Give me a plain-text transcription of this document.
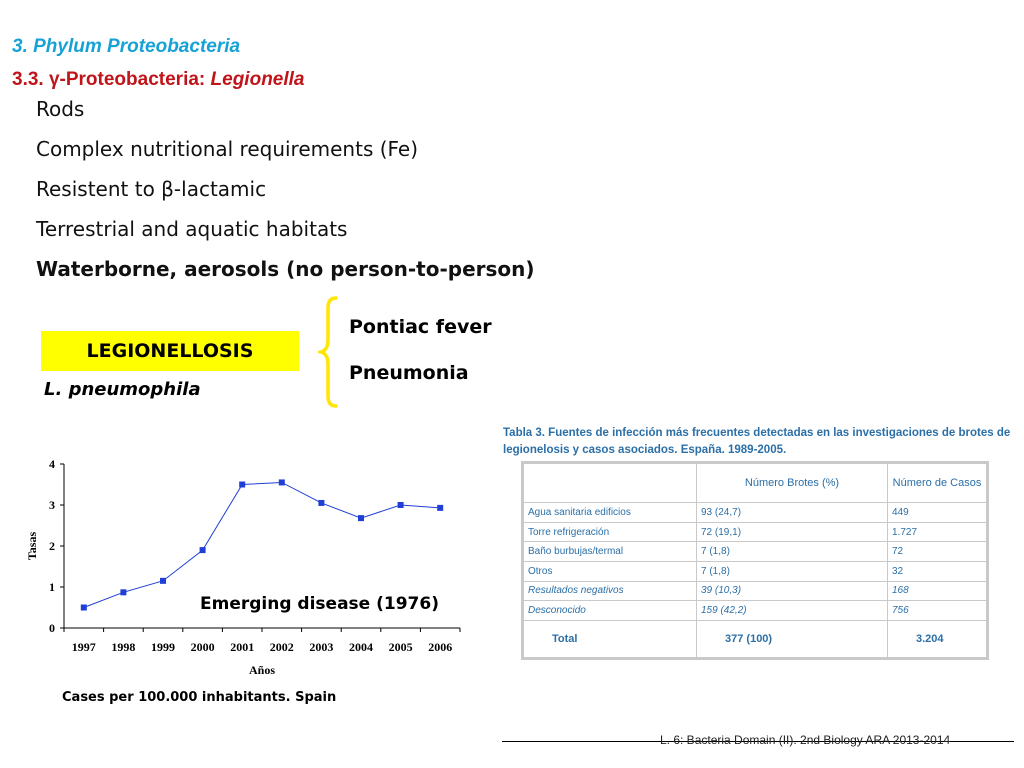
3. Phylum Proteobacteria
3.3. γ-Proteobacteria: Legionella
Rods
Complex nutritional requirements (Fe)
Resistent to β-lactamic
Terrestrial and aquatic habitats
Waterborne, aerosols (no person-to-person)
Pontiac fever
Pneumonia
LEGIONELLOSIS
L. pneumophila
0
1
2
3
4
1997 1998 1999 2000 2001 2002 2003 2004 2005 2006
Años
Tasas
Emerging disease (1976)
Cases per 100.000 inhabitants. Spain
Tabla 3. Fuentes de infección más frecuentes detectadas en las investigaciones de brotes de legionelosis y casos asociados. España. 1989-2005.
	Número Brotes (%)	Número de Casos
Agua sanitaria edificios	93 (24,7)	449
Torre refrigeración	72 (19,1)	1.727
Baño burbujas/termal	7 (1,8)	72
Otros	7 (1,8)	32
Resultados negativos	39 (10,3)	168
Desconocido	159 (42,2)	756
Total	377 (100)	3.204
L. 6: Bacteria Domain (II). 2nd Biology ARA 2013-2014
